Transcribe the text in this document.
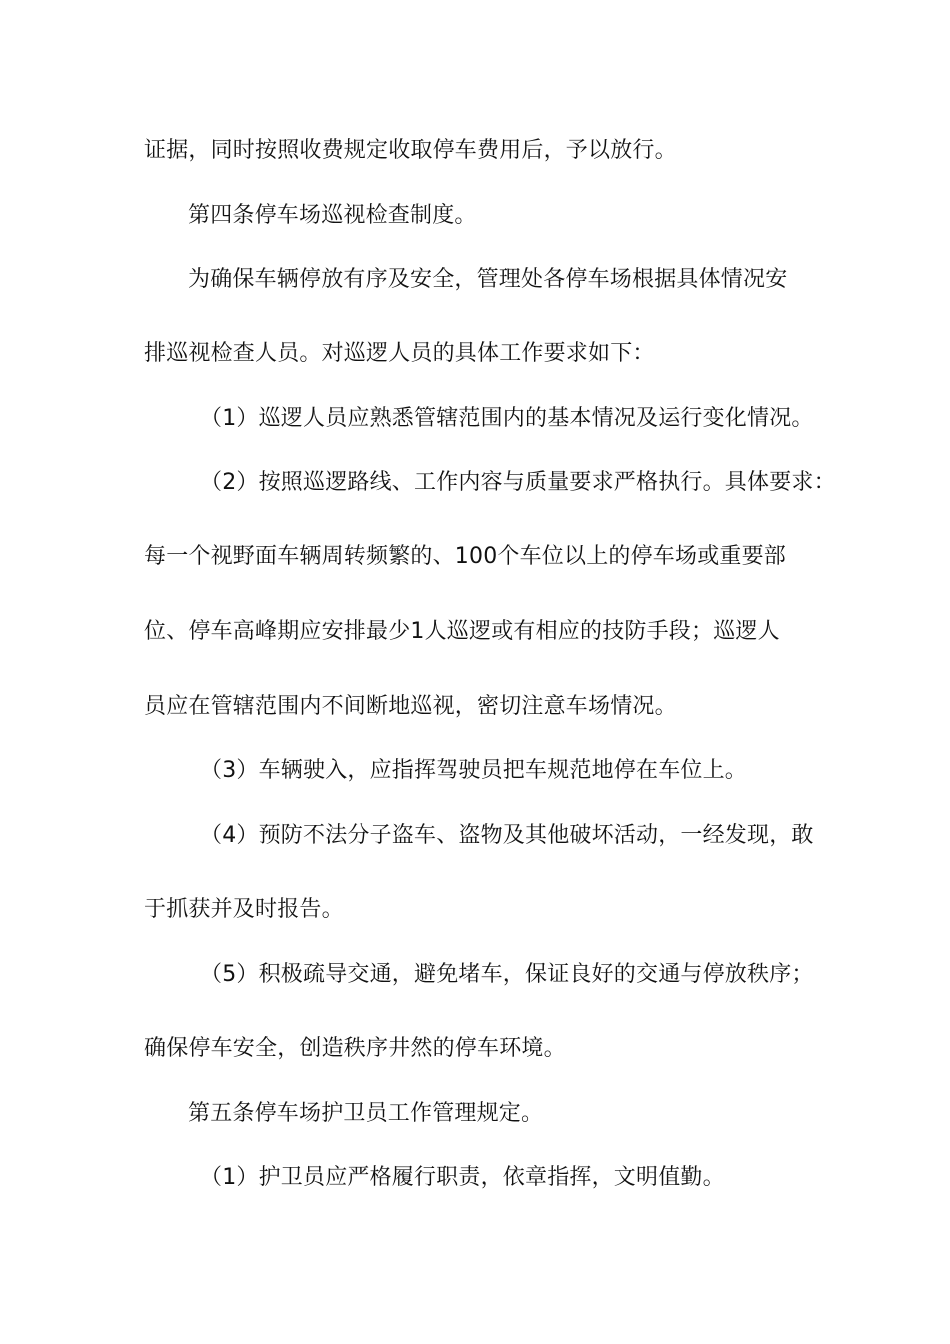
证据，同时按照收费规定收取停车费用后，予以放行。
第四条停车场巡视检查制度。
为确保车辆停放有序及安全，管理处各停车场根据具体情况安
排巡视检查人员。对巡逻人员的具体工作要求如下：
（1）巡逻人员应熟悉管辖范围内的基本情况及运行变化情况。
（2）按照巡逻路线、工作内容与质量要求严格执行。具体要求：
每一个视野面车辆周转频繁的、100个车位以上的停车场或重要部
位、停车高峰期应安排最少1人巡逻或有相应的技防手段；巡逻人
员应在管辖范围内不间断地巡视，密切注意车场情况。
（3）车辆驶入，应指挥驾驶员把车规范地停在车位上。
（4）预防不法分子盗车、盗物及其他破坏活动，一经发现，敢
于抓获并及时报告。
（5）积极疏导交通，避免堵车，保证良好的交通与停放秩序；
确保停车安全，创造秩序井然的停车环境。
第五条停车场护卫员工作管理规定。
（1）护卫员应严格履行职责，依章指挥，文明值勤。
